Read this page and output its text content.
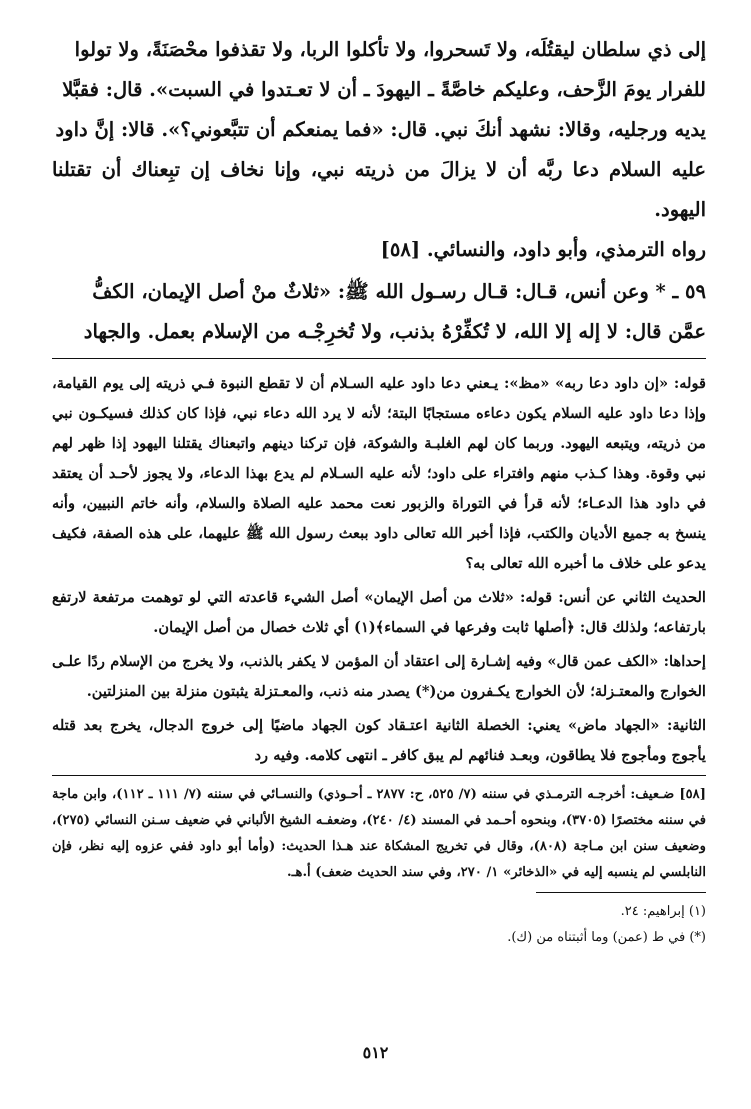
إلى ذي سلطان ليقتُلَه، ولا تَسحروا، ولا تأكلوا الربا، ولا تقذفوا محْصَنَةً، ولا تولوا

للفرار يومَ الزَّحف، وعليكم خاصَّةً ـ اليهودَ ـ أن لا تعـتدوا في السبت». قال: فقبَّلا

يديه ورجليه، وقالا: نشهد أنكَ نبي. قال: «فما يمنعكم أن تتبَّعوني؟». قالا: إنَّ داود

عليه السلام دعا ربَّه أن لا يزالَ من ذريته نبي، وإنا نخاف إن تبِعناك أن تقتلنا اليهود.

رواه الترمذي، وأبو داود، والنسائي. [٥٨]

٥٩ ـ * وعن أنس، قـال: قـال رسـول الله ﷺ: «ثلاثٌ منْ أصل الإيمان، الكفُّ

عمَّن قال: لا إله إلا الله، لا تُكفِّرْهُ بذنب، ولا تُخرِجْـه من الإسلام بعمل. والجهاد

قوله: «إن داود دعا ربه» «مظ»: يـعني دعا داود عليه السـلام أن لا تقطع النبوة فـي ذريته إلى يوم القيامة، وإذا دعا داود عليه السلام يكون دعاءه مستجابًا البتة؛ لأنه لا يرد الله دعاء نبي، فإذا كان كذلك فسيكـون نبي من ذريته، ويتبعه اليهود. وربما كان لهم الغلبـة والشوكة، فإن تركنا دينهم واتبعناك يقتلنا اليهود إذا ظهر لهم نبي وقوة. وهذا كـذب منهم وافتراء على داود؛ لأنه عليه السـلام لم يدع بهذا الدعاء، ولا يجوز لأحـد أن يعتقد في داود هذا الدعـاء؛ لأنه قرأ في التوراة والزبور نعت محمد عليه الصلاة والسلام، وأنه خاتم النبيين، وأنه ينسخ به جميع الأديان والكتب، فإذا أخبر الله تعالى داود ببعث رسول الله ﷺ عليهما، على هذه الصفة، فكيف يدعو على خلاف ما أخبره الله تعالى به؟

الحديث الثاني عن أنس: قوله: «ثلاث من أصل الإيمان» أصل الشيء قاعدته التي لو توهمت مرتفعة لارتفع بارتفاعه؛ ولذلك قال: ﴿أصلها ثابت وفرعها في السماء﴾(١) أي ثلاث خصال من أصل الإيمان.

إحداها: «الكف عمن قال» وفيه إشـارة إلى اعتقاد أن المؤمن لا يكفر بالذنب، ولا يخرج من الإسلام ردًا علـى الخوارج والمعتـزلة؛ لأن الخوارج يكـفرون من(*) يصدر منه ذنب، والمعـتزلة يثبتون منزلة بين المنزلتين.

الثانية: «الجهاد ماض» يعني: الخصلة الثانية اعتـقاد كون الجهاد ماضيًا إلى خروج الدجال، يخرج بعد قتله يأجوج ومأجوج فلا يطاقون، وبعـد فنائهم لم يبق كافر ـ انتهى كلامه. وفيه رد

[٥٨] ضـعيف: أخرجـه الترمـذي في سننه (٧/ ٥٢٥، ح: ٢٨٧٧ ـ أحـوذي) والنسـائي في سننه (٧/ ١١١ ـ ١١٢)، وابن ماجة في سننه مختصرًا (٣٧٠٥)، وبنحوه أحـمد في المسند (٤/ ٢٤٠)، وضعفـه الشيخ الألباني في ضعيف سـنن النسائي (٢٧٥)، وضعيف سنن ابن مـاجة (٨٠٨)، وقال في تخريج المشكاة عند هـذا الحديث: (وأما أبو داود ففي عزوه إليه نظر، فإن النابلسي لم ينسبه إليه في «الذخائر» ١/ ٢٧٠، وفي سند الحديث ضعف) أ.هـ.

(١) إبراهيم: ٢٤.

(*) في ط (عمن) وما أثبتناه من (ك).

٥١٢
